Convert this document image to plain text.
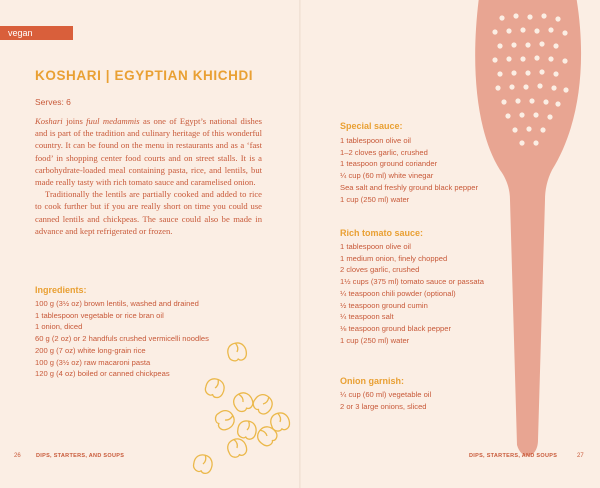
vegan
KOSHARI | EGYPTIAN KHICHDI
Serves: 6

Koshari joins fuul medammis as one of Egypt’s national dishes and is part of the tradition and culinary heritage of this wonderful country. It can be found on the menu in restaurants and as a ‘fast food’ in shopping center food courts and on street stalls. It is a carbohydrate-loaded meal containing pasta, rice, and lentils, but made really tasty with rich tomato sauce and caramelised onion.

Traditionally the lentils are partially cooked and added to rice to cook further but if you are really short on time you could use canned lentils and chickpeas. The sauce could also be made in advance and kept refrigerated or frozen.

Ingredients:
100 g (3½ oz) brown lentils, washed and drained
1 tablespoon vegetable or rice bran oil
1 onion, diced
60 g (2 oz) or 2 handfuls crushed vermicelli noodles
200 g (7 oz) white long-grain rice
100 g (3½ oz) raw macaroni pasta
120 g (4 oz) boiled or canned chickpeas
26	DIPS, STARTERS, AND SOUPS
Special sauce:
1 tablespoon olive oil
1–2 cloves garlic, crushed
1 teaspoon ground coriander
¼ cup (60 ml) white vinegar
Sea salt and freshly ground black pepper
1 cup (250 ml) water
Rich tomato sauce:
1 tablespoon olive oil
1 medium onion, finely chopped
2 cloves garlic, crushed
1½ cups (375 ml) tomato sauce or passata
¼ teaspoon chili powder (optional)
½ teaspoon ground cumin
¼ teaspoon salt
⅛ teaspoon ground black pepper
1 cup (250 ml) water
Onion garnish:
¼ cup (60 ml) vegetable oil
2 or 3 large onions, sliced
DIPS, STARTERS, AND SOUPS	27
